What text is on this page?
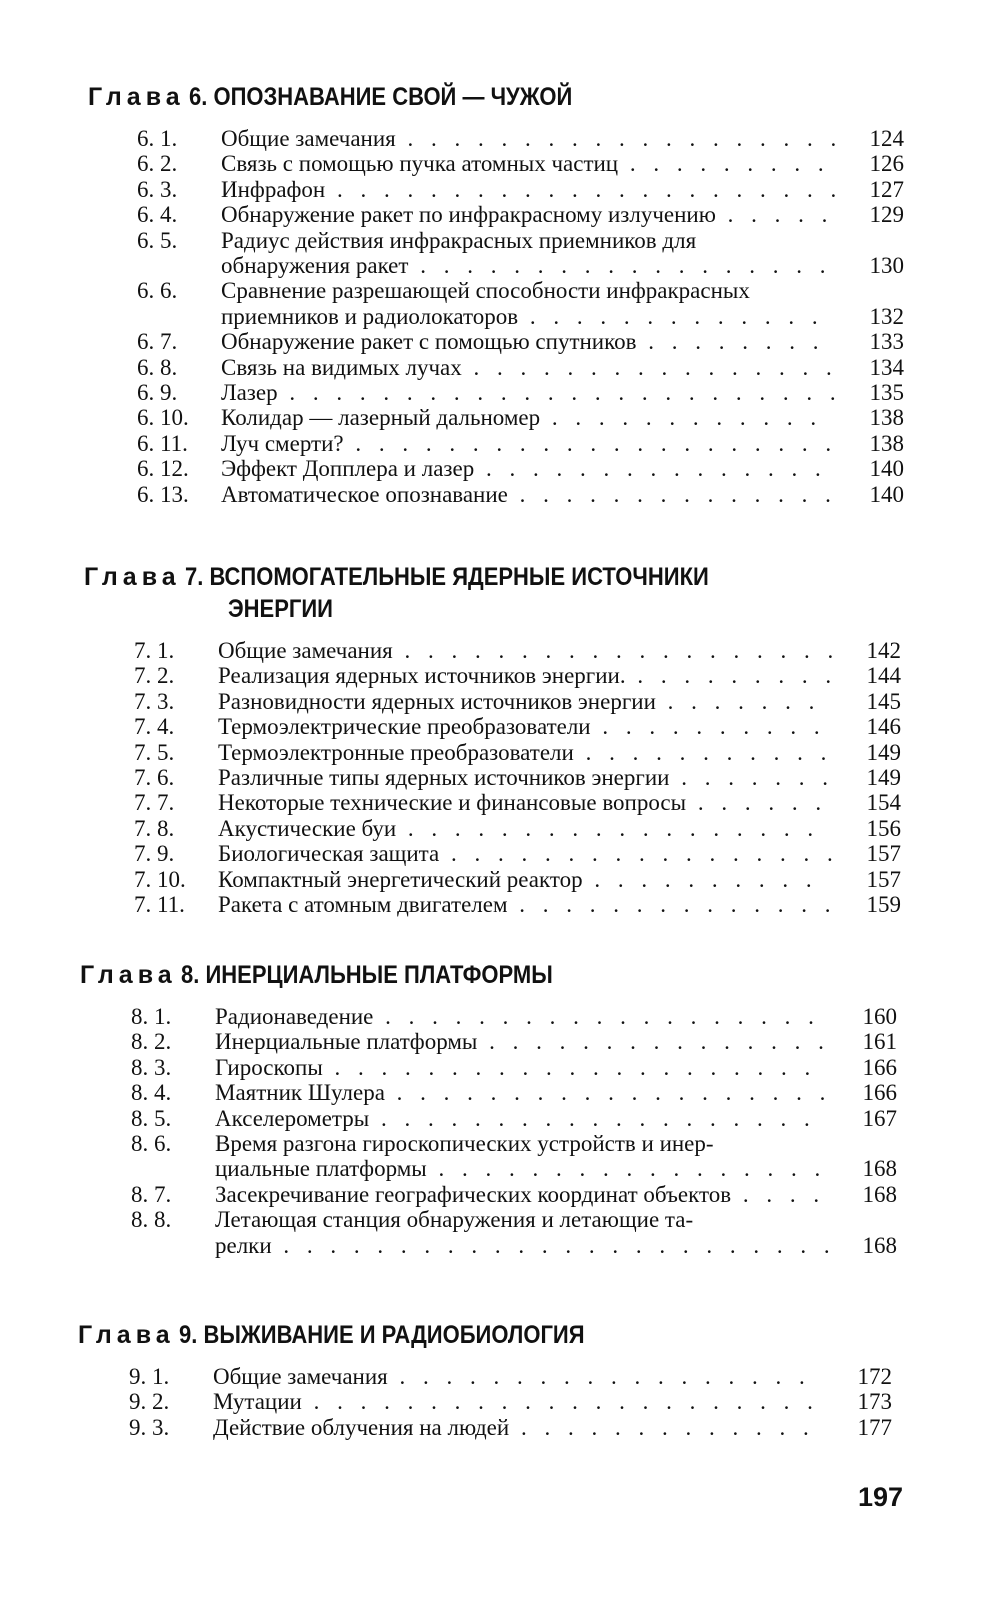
Глава 6. ОПОЗНАВАНИЕ СВОЙ — ЧУЖОЙ
6. 1. Общие замечания . . . . . . . . . . . . . . . . . . .	124
6. 2. Связь с помощью пучка атомных частиц . . . . . . . . .	126
6. 3. Инфрафон . . . . . . . . . . . . . . . . . . . . . .	127
6. 4. Обнаружение ракет по инфракрасному излучению . . . . .	129
6. 5. Радиус действия инфракрасных приемников для
обнаружения ракет . . . . . . . . . . . . . . . . . .	130
6. 6. Сравнение разрешающей способности инфракрасных
приемников и радиолокаторов . . . . . . . . . . . . .	132
6. 7. Обнаружение ракет с помощью спутников . . . . . . . .	133
6. 8. Связь на видимых лучах . . . . . . . . . . . . . . . .	134
6. 9. Лазер . . . . . . . . . . . . . . . . . . . . . . . .	135
6. 10. Колидар — лазерный дальномер . . . . . . . . . . . .	138
6. 11. Луч смерти? . . . . . . . . . . . . . . . . . . . . .	138
6. 12. Эффект Допплера и лазер . . . . . . . . . . . . . . .	140
6. 13. Автоматическое опознавание . . . . . . . . . . . . . .	140
Глава 7. ВСПОМОГАТЕЛЬНЫЕ ЯДЕРНЫЕ ИСТОЧНИКИ
ЭНЕРГИИ
7. 1. Общие замечания . . . . . . . . . . . . . . . . . . .	142
7. 2. Реализация ядерных источников энергии. . . . . . . . . .	144
7. 3. Разновидности ядерных источников энергии . . . . . . .	145
7. 4. Термоэлектрические преобразователи . . . . . . . . . .	146
7. 5. Термоэлектронные преобразователи . . . . . . . . . . .	149
7. 6. Различные типы ядерных источников энергии . . . . . . .	149
7. 7. Некоторые технические и финансовые вопросы . . . . . .	154
7. 8. Акустические буи . . . . . . . . . . . . . . . . . .	156
7. 9. Биологическая защита . . . . . . . . . . . . . . . . .	157
7. 10. Компактный энергетический реактор . . . . . . . . . .	157
7. 11. Ракета с атомным двигателем . . . . . . . . . . . . . .	159
Глава 8. ИНЕРЦИАЛЬНЫЕ ПЛАТФОРМЫ
8. 1. Радионаведение . . . . . . . . . . . . . . . . . . .	160
8. 2. Инерциальные платформы . . . . . . . . . . . . . . .	161
8. 3. Гироскопы . . . . . . . . . . . . . . . . . . . . .	166
8. 4. Маятник Шулера . . . . . . . . . . . . . . . . . . .	166
8. 5. Акселерометры . . . . . . . . . . . . . . . . . . .	167
8. 6. Время разгона гироскопических устройств и инер-
циальные платформы . . . . . . . . . . . . . . . . .	168
8. 7. Засекречивание географических координат объектов . . . .	168
8. 8. Летающая станция обнаружения и летающие та-
релки . . . . . . . . . . . . . . . . . . . . . . . .	168
Глава 9. ВЫЖИВАНИЕ И РАДИОБИОЛОГИЯ
9. 1. Общие замечания . . . . . . . . . . . . . . . . . .	172
9. 2. Мутации . . . . . . . . . . . . . . . . . . . . . .	173
9. 3. Действие облучения на людей . . . . . . . . . . . . .	177
197
